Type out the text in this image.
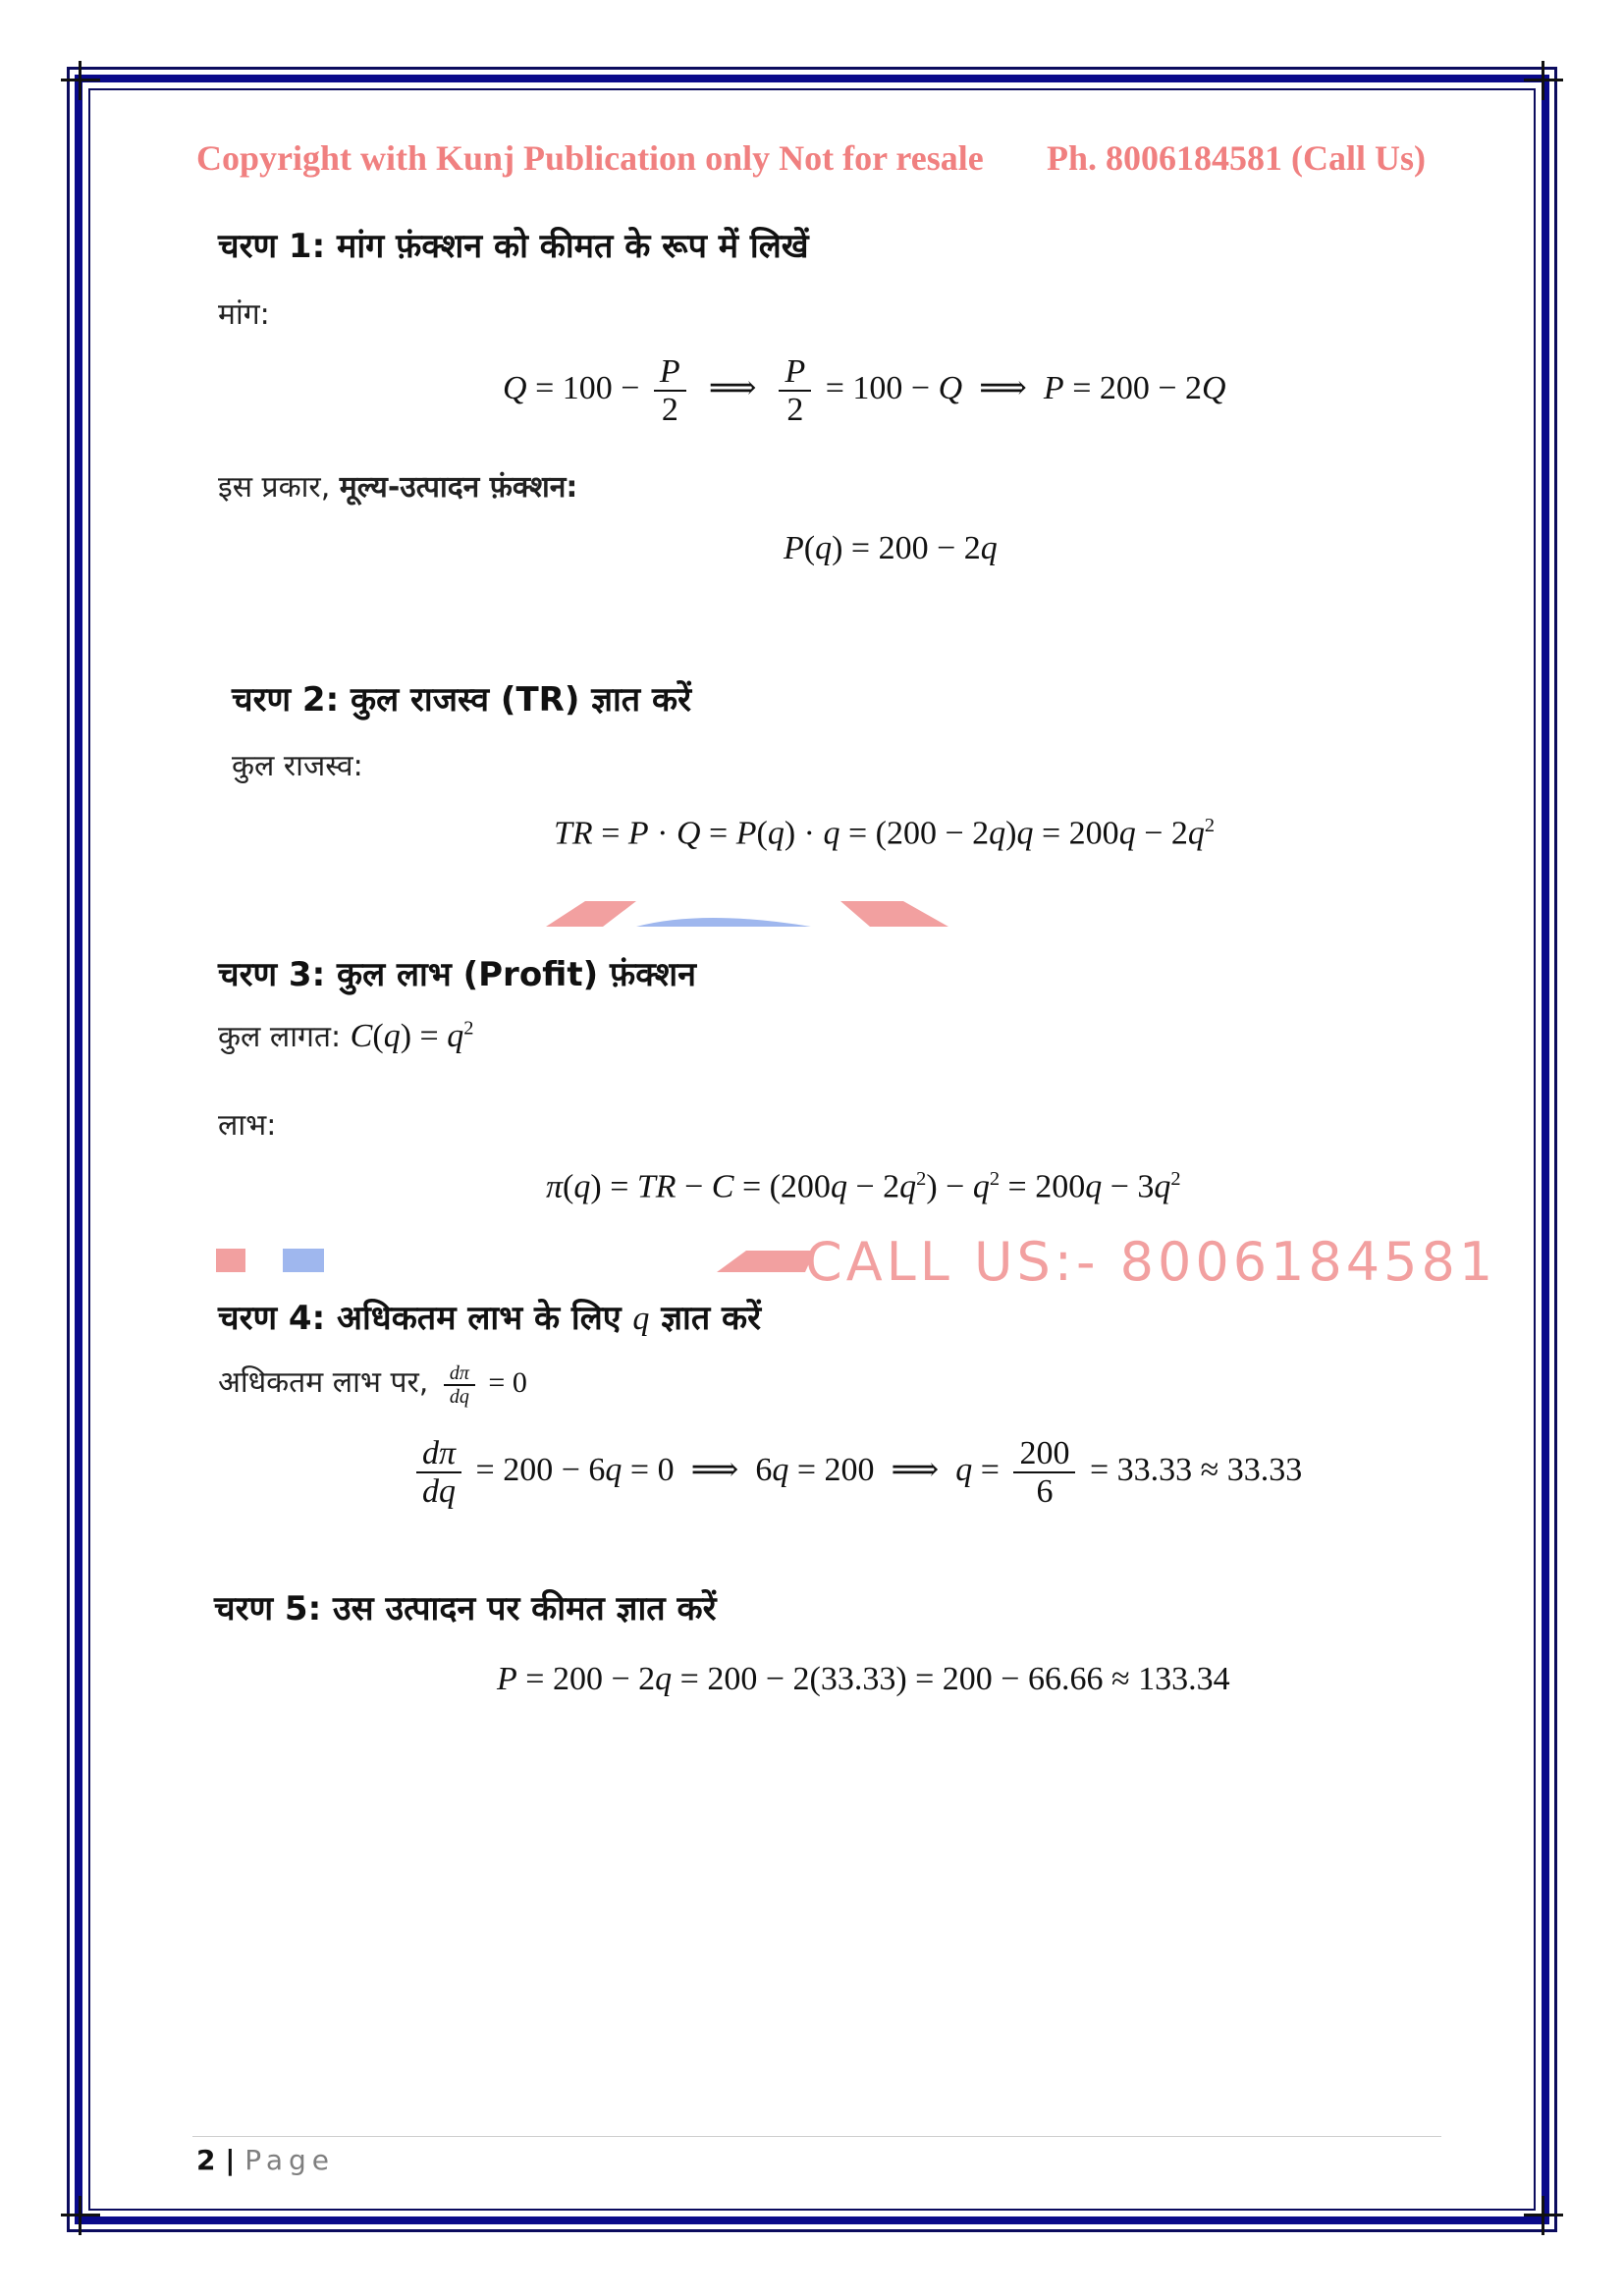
Copyright with Kunj Publication only Not for resale Ph. 8006184581 (Call Us)
चरण 1: मांग फ़ंक्शन को कीमत के रूप में लिखें
मांग:
$Q = 100 - \frac{P}{2}$ ⟹ $\frac{P}{2} = 100 - Q$  ⟹  P = 200 − 2Q
इस प्रकार, मूल्य-उत्पादन फ़ंक्शन:
P(q) = 200 − 2q
चरण 2: कुल राजस्व (TR) ज्ञात करें
कुल राजस्व:
TR = $P \cdot Q = P(q) \cdot q = (200 - 2q)q = 200q - 2q^2$
चरण 3: कुल लाभ (Profit) फ़ंक्शन
कुल लागत: $C(q) = q^2$
लाभ:
π(q) = TR − $C = (200q - 2q^2) - q^2 = 200q - 3q^2$
CALL US:- 8006184581
चरण 4: अधिकतम लाभ के लिए q ज्ञात करें
अधिकतम लाभ पर, $\frac{d\pi}{dq} = 0$
$\frac{d\pi}{dq} = 200 - 6q = 0$  ⟹  6q = 200  ⟹  $q = \frac{200}{6} = 33.33 \approx 33.33$
चरण 5: उस उत्पादन पर कीमत ज्ञात करें
P = 200 − 2q = 200 − 2(33.33) = 200 − 66.66 ≈ 133.34
2 | Page
